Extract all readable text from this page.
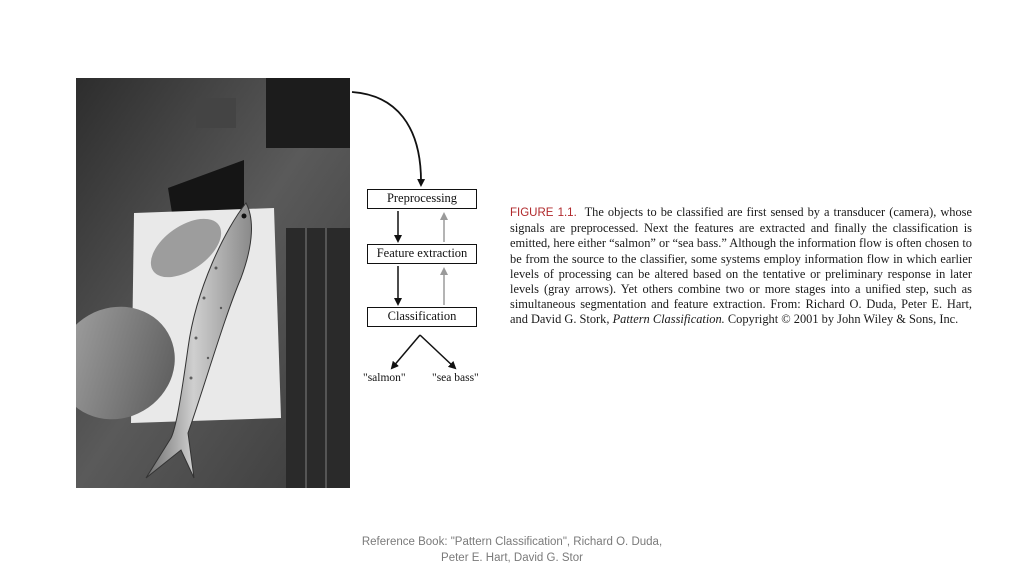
Preprocessing
Feature extraction
Classification
"salmon" "sea bass"

FIGURE 1.1. The objects to be classified are first sensed by a transducer (camera), whose signals are preprocessed. Next the features are extracted and finally the classification is emitted, here either “salmon” or “sea bass.” Although the information flow is often chosen to be from the source to the classifier, some systems employ information flow in which earlier levels of processing can be altered based on the tentative or preliminary response in later levels (gray arrows). Yet others combine two or more stages into a unified step, such as simultaneous segmentation and feature extraction. From: Richard O. Duda, Peter E. Hart, and David G. Stork, Pattern Classification. Copyright © 2001 by John Wiley & Sons, Inc.

Reference Book: "Pattern Classification", Richard O. Duda,
Peter E. Hart, David G. Stor
